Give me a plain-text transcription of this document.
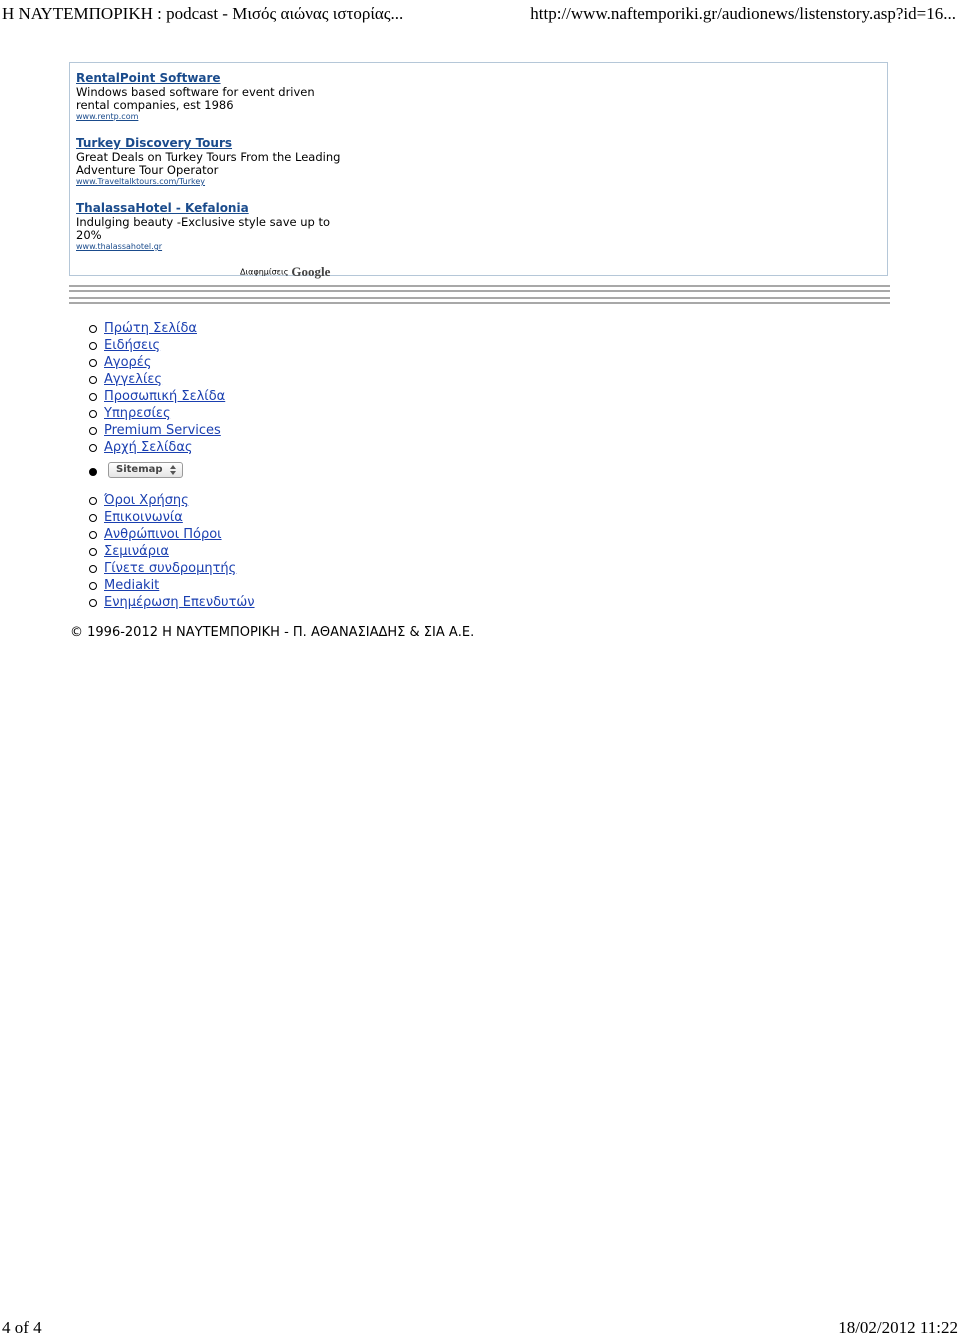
Η ΝΑΥΤΕΜΠΟΡΙΚΗ : podcast - Μισός αιώνας ιστορίας...	http://www.naftemporiki.gr/audionews/listenstory.asp?id=16...
RentalPoint Software
Windows based software for event driven rental companies, est 1986
www.rentp.com
Turkey Discovery Tours
Great Deals on Turkey Tours From the Leading Adventure Tour Operator
www.Traveltalktours.com/Turkey
ThalassaHotel - Kefalonia
Indulging beauty -Exclusive style save up to 20%
www.thalassahotel.gr
Διαφημίσεις Google
Πρώτη Σελίδα
Ειδήσεις
Αγορές
Αγγελίες
Προσωπική Σελίδα
Υπηρεσίες
Premium Services
Αρχή Σελίδας
Sitemap
Όροι Χρήσης
Επικοινωνία
Ανθρώπινοι Πόροι
Σεμινάρια
Γίνετε συνδρομητής
Mediakit
Ενημέρωση Επενδυτών
© 1996-2012 Η ΝΑΥΤΕΜΠΟΡΙΚΗ - Π. ΑΘΑΝΑΣΙΑΔΗΣ & ΣΙΑ Α.Ε.
4 of 4	18/02/2012 11:22
